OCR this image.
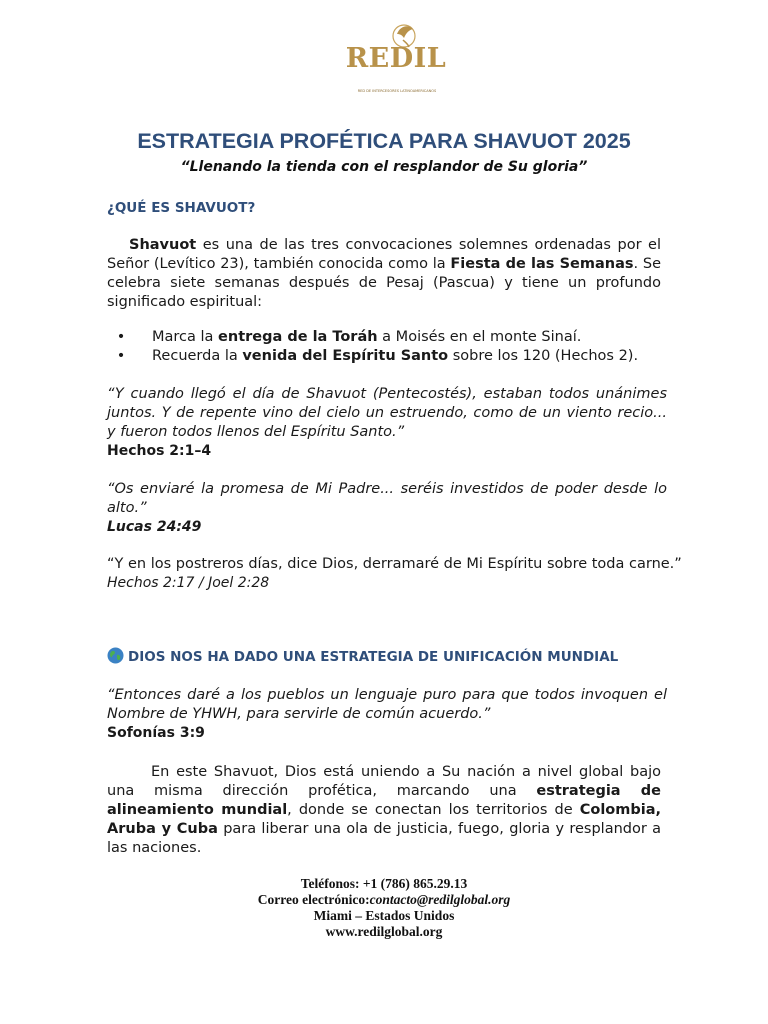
REDIL
RED DE INTERCESORES LATINOAMERICANOS
ESTRATEGIA PROFÉTICA PARA SHAVUOT 2025
“Llenando la tienda con el resplandor de Su gloria”
¿QUÉ ES SHAVUOT?

Shavuot es una de las tres convocaciones solemnes ordenadas por el Señor (Levítico 23), también conocida como la Fiesta de las Semanas. Se celebra siete semanas después de Pesaj (Pascua) y tiene un profundo significado espiritual:

• Marca la entrega de la Toráh a Moisés en el monte Sinaí.
• Recuerda la venida del Espíritu Santo sobre los 120 (Hechos 2).

“Y cuando llegó el día de Shavuot (Pentecostés), estaban todos unánimes juntos. Y de repente vino del cielo un estruendo, como de un viento recio... y fueron todos llenos del Espíritu Santo.”

Hechos 2:1–4

“Os enviaré la promesa de Mi Padre... seréis investidos de poder desde lo alto.”

Lucas 24:49

“Y en los postreros días, dice Dios, derramaré de Mi Espíritu sobre toda carne.”

Hechos 2:17 / Joel 2:28

DIOS NOS HA DADO UNA ESTRATEGIA DE UNIFICACIÓN MUNDIAL

“Entonces daré a los pueblos un lenguaje puro para que todos invoquen el Nombre de YHWH, para servirle de común acuerdo.”

Sofonías 3:9

En este Shavuot, Dios está uniendo a Su nación a nivel global bajo una misma dirección profética, marcando una estrategia de alineamiento mundial, donde se conectan los territorios de Colombia, Aruba y Cuba para liberar una ola de justicia, fuego, gloria y resplandor a las naciones.

Teléfonos: +1 (786) 865.29.13
Correo electrónico:contacto@redilglobal.org
Miami – Estados Unidos
www.redilglobal.org
